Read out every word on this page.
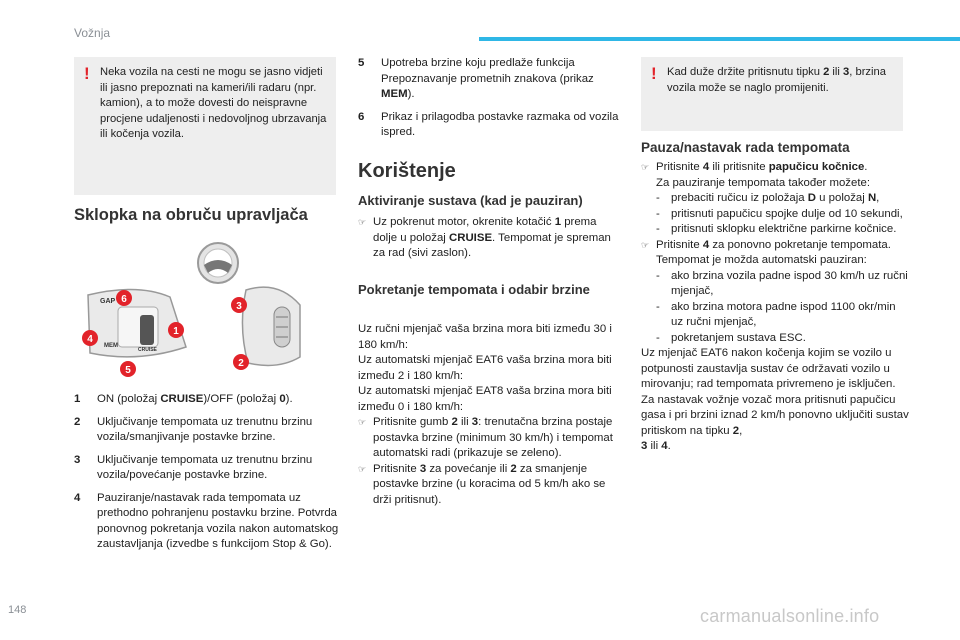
Vožnja
! Neka vozila na cesti ne mogu se jasno vidjeti ili jasno prepoznati na kameri/ili radaru (npr. kamion), a to može dovesti do neispravne procjene udaljenosti i nedovoljnog ubrzavanja ili kočenja vozila.
Sklopka na obruču upravljača
GAP
MEM
CRUISE
6
4
5
1
3
2
1 ON (položaj CRUISE)/OFF (položaj 0).
2 Uključivanje tempomata uz trenutnu brzinu vozila/smanjivanje postavke brzine.
3 Uključivanje tempomata uz trenutnu brzinu vozila/povećanje postavke brzine.
4 Pauziranje/nastavak rada tempomata uz prethodno pohranjenu postavku brzine. Potvrda ponovnog pokretanja vozila nakon automatskog zaustavljanja (izvedbe s funkcijom Stop & Go).
5 Upotreba brzine koju predlaže funkcija Prepoznavanje prometnih znakova (prikaz MEM).
6 Prikaz i prilagodba postavke razmaka od vozila ispred.
Korištenje
Aktiviranje sustava (kad je pauziran)
☞ Uz pokrenut motor, okrenite kotačić 1 prema dolje u položaj CRUISE. Tempomat je spreman za rad (sivi zaslon).
Pokretanje tempomata i odabir brzine

Uz ručni mjenjač vaša brzina mora biti između 30 i 180 km/h:

Uz automatski mjenjač EAT6 vaša brzina mora biti između 2 i 180 km/h:

Uz automatski mjenjač EAT8 vaša brzina mora biti između 0 i 180 km/h:

☞ Pritisnite gumb 2 ili 3: trenutačna brzina postaje postavka brzine (minimum 30 km/h) i tempomat automatski radi (prikazuje se zeleno).
☞ Pritisnite 3 za povećanje ili 2 za smanjenje postavke brzine (u koracima od 5 km/h ako se drži pritisnut).
! Kad duže držite pritisnutu tipku 2 ili 3, brzina vozila može se naglo promijeniti.
Pauza/nastavak rada tempomata
☞ Pritisnite 4 ili pritisnite papučicu kočnice.
Za pauziranje tempomata također možete:
- prebaciti ručicu iz položaja D u položaj N,
- pritisnuti papučicu spojke dulje od 10 sekundi,
- pritisnuti sklopku električne parkirne kočnice.
☞ Pritisnite 4 za ponovno pokretanje tempomata. Tempomat je možda automatski pauziran:
- ako brzina vozila padne ispod 30 km/h uz ručni mjenjač,
- ako brzina motora padne ispod 1100 okr/min uz ručni mjenjač,
- pokretanjem sustava ESC.

Uz mjenjač EAT6 nakon kočenja kojim se vozilo u potpunosti zaustavlja sustav će održavati vozilo u mirovanju; rad tempomata privremeno je isključen. Za nastavak vožnje vozač mora pritisnuti papučicu gasa i pri brzini iznad 2 km/h ponovno uključiti sustav pritiskom na tipku 2,
3 ili 4.

148	carmanualsonline.info
